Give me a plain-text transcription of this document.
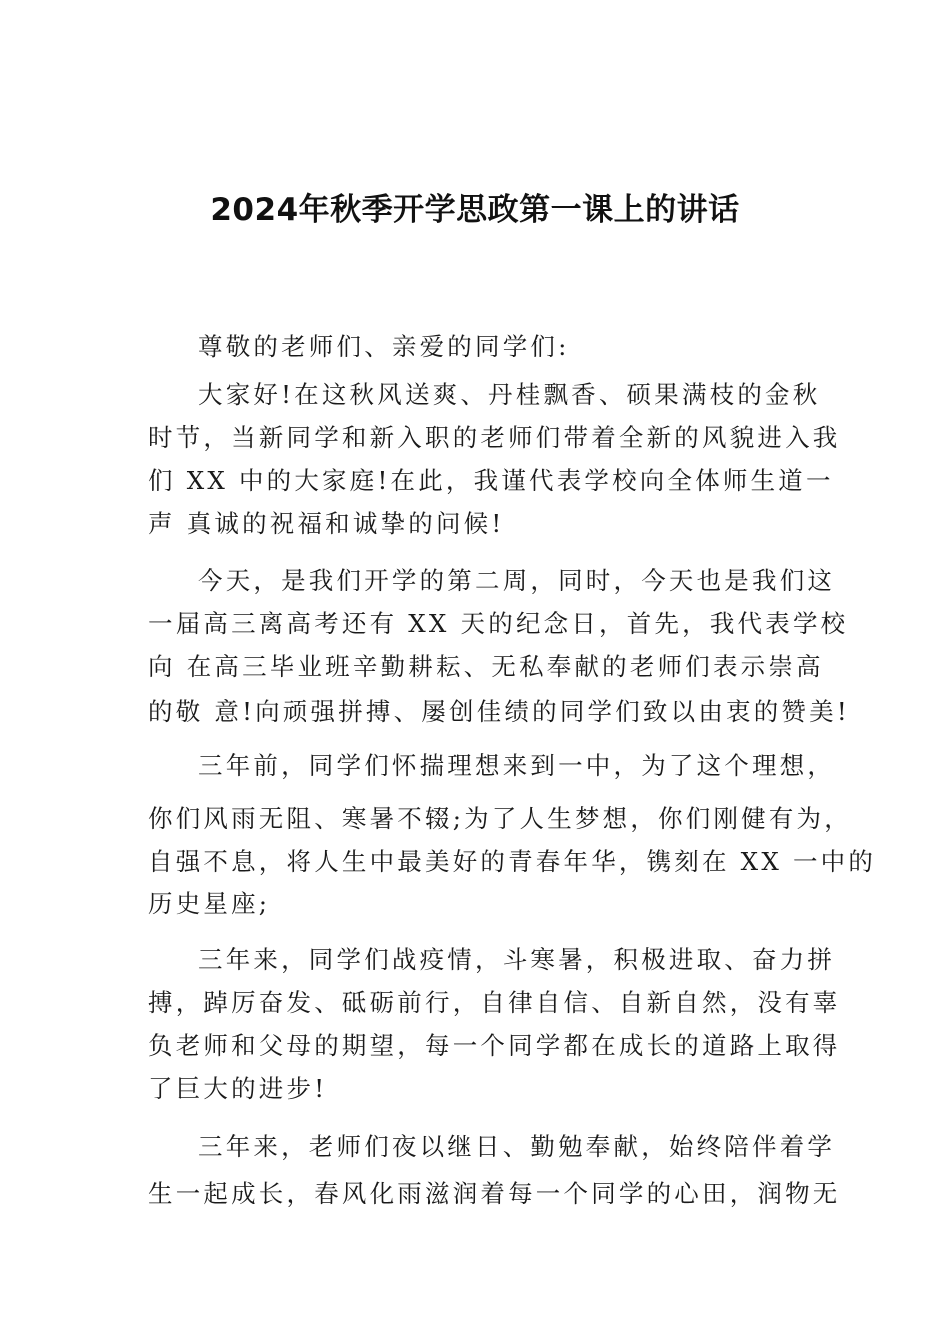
2024年秋季开学思政第一课上的讲话
尊敬的老师们、亲爱的同学们:
大家好!在这秋风送爽、丹桂飘香、硕果满枝的金秋
时节，当新同学和新入职的老师们带着全新的风貌进入我
们 XX 中的大家庭!在此，我谨代表学校向全体师生道一
声 真诚的祝福和诚挚的问候!
今天，是我们开学的第二周，同时，今天也是我们这
一届高三离高考还有 XX 天的纪念日，首先，我代表学校
向 在高三毕业班辛勤耕耘、无私奉献的老师们表示崇高
的敬 意!向顽强拼搏、屡创佳绩的同学们致以由衷的赞美!
三年前，同学们怀揣理想来到一中，为了这个理想，
你们风雨无阻、寒暑不辍;为了人生梦想，你们刚健有为，
自强不息，将人生中最美好的青春年华，镌刻在 XX 一中的
历史星座;
三年来，同学们战疫情，斗寒暑，积极进取、奋力拼
搏，踔厉奋发、砥砺前行，自律自信、自新自然，没有辜
负老师和父母的期望，每一个同学都在成长的道路上取得
了巨大的进步!
三年来，老师们夜以继日、勤勉奉献，始终陪伴着学
生一起成长，春风化雨滋润着每一个同学的心田，润物无
